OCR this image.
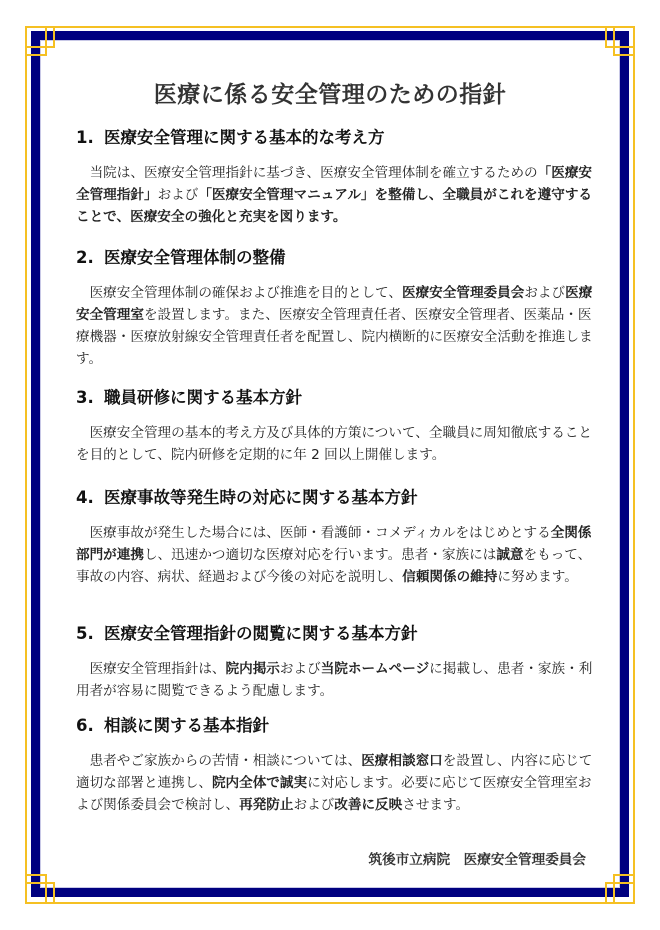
医療に係る安全管理のための指針
1. 医療安全管理に関する基本的な考え方

　当院は、医療安全管理指針に基づき、医療安全管理体制を確立するための「医療安全管理指針」および「医療安全管理マニュアル」を整備し、全職員がこれを遵守することで、医療安全の強化と充実を図ります。

2. 医療安全管理体制の整備

　医療安全管理体制の確保および推進を目的として、医療安全管理委員会および医療安全管理室を設置します。また、医療安全管理責任者、医療安全管理者、医薬品・医療機器・医療放射線安全管理責任者を配置し、院内横断的に医療安全活動を推進します。

3. 職員研修に関する基本方針

　医療安全管理の基本的考え方及び具体的方策について、全職員に周知徹底することを目的として、院内研修を定期的に年 2 回以上開催します。

4. 医療事故等発生時の対応に関する基本方針

　医療事故が発生した場合には、医師・看護師・コメディカルをはじめとする全関係部門が連携し、迅速かつ適切な医療対応を行います。患者・家族には誠意をもって、事故の内容、病状、経過および今後の対応を説明し、信頼関係の維持に努めます。

5. 医療安全管理指針の閲覧に関する基本方針

　医療安全管理指針は、院内掲示および当院ホームページに掲載し、患者・家族・利用者が容易に閲覧できるよう配慮します。

6. 相談に関する基本指針

　患者やご家族からの苦情・相談については、医療相談窓口を設置し、内容に応じて適切な部署と連携し、院内全体で誠実に対応します。必要に応じて医療安全管理室および関係委員会で検討し、再発防止および改善に反映させます。

筑後市立病院　医療安全管理委員会
